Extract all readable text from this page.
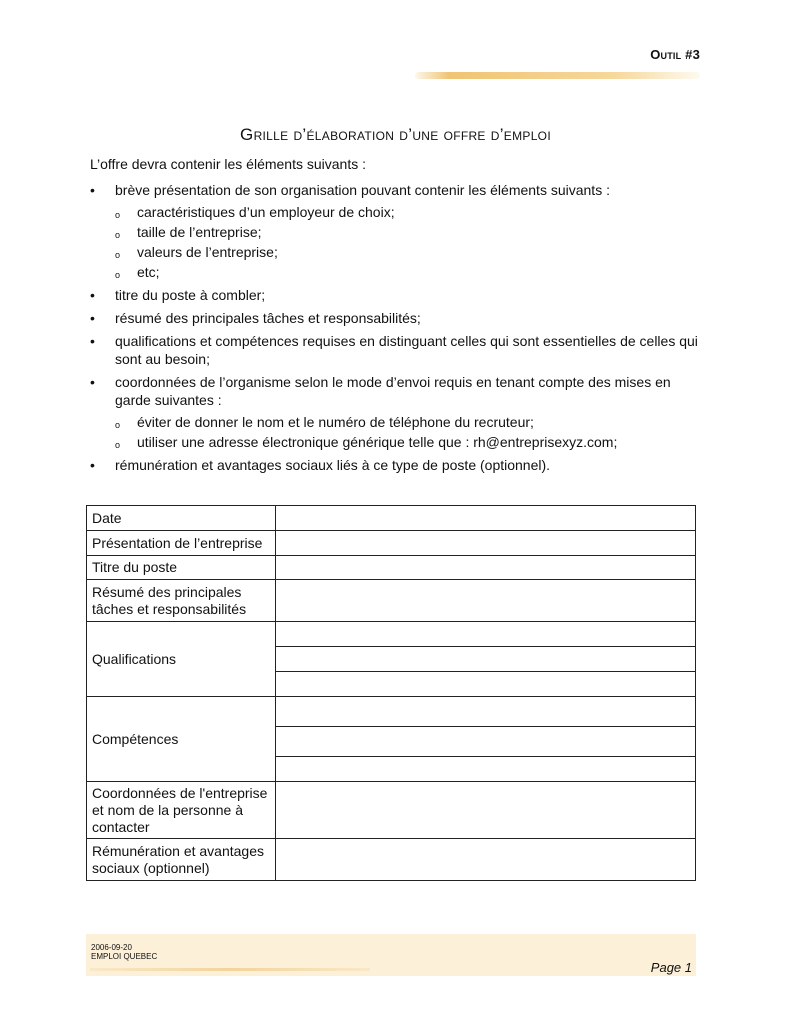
Outil #3
Grille d’élaboration d’une offre d’emploi
L’offre devra contenir les éléments suivants :
• brève présentation de son organisation pouvant contenir les éléments suivants :
o caractéristiques d’un employeur de choix;
o taille de l’entreprise;
o valeurs de l’entreprise;
o etc;
• titre du poste à combler;
• résumé des principales tâches et responsabilités;
• qualifications et compétences requises en distinguant celles qui sont essentielles de celles qui sont au besoin;
• coordonnées de l’organisme selon le mode d’envoi requis en tenant compte des mises en garde suivantes :
o éviter de donner le nom et le numéro de téléphone du recruteur;
o utiliser une adresse électronique générique telle que : rh@entreprisexyz.com;
• rémunération et avantages sociaux liés à ce type de poste (optionnel).
Date	
Présentation de l’entreprise	
Titre du poste	
Résumé des principales tâches et responsabilités	
Qualifications	

Compétences	

Coordonnées de l'entreprise et nom de la personne à contacter	
Rémunération et avantages sociaux (optionnel)	
2006-09-20
EMPLOI QUEBEC
Page 1
